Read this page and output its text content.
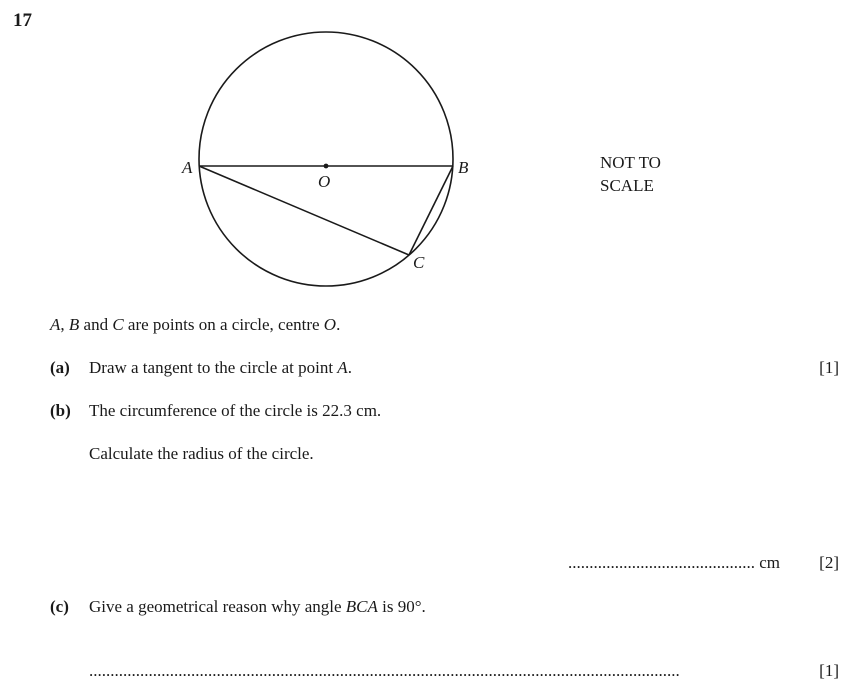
17
A	B
C
O
NOT TO
SCALE
A, B and C are points on a circle, centre O.
(a) Draw a tangent to the circle at point A.	[1]
(b) The circumference of the circle is 22.3 cm.
Calculate the radius of the circle.
............................................ cm [2]
(c) Give a geometrical reason why angle BCA is 90°.
...........................................................................................................................................	[1]
